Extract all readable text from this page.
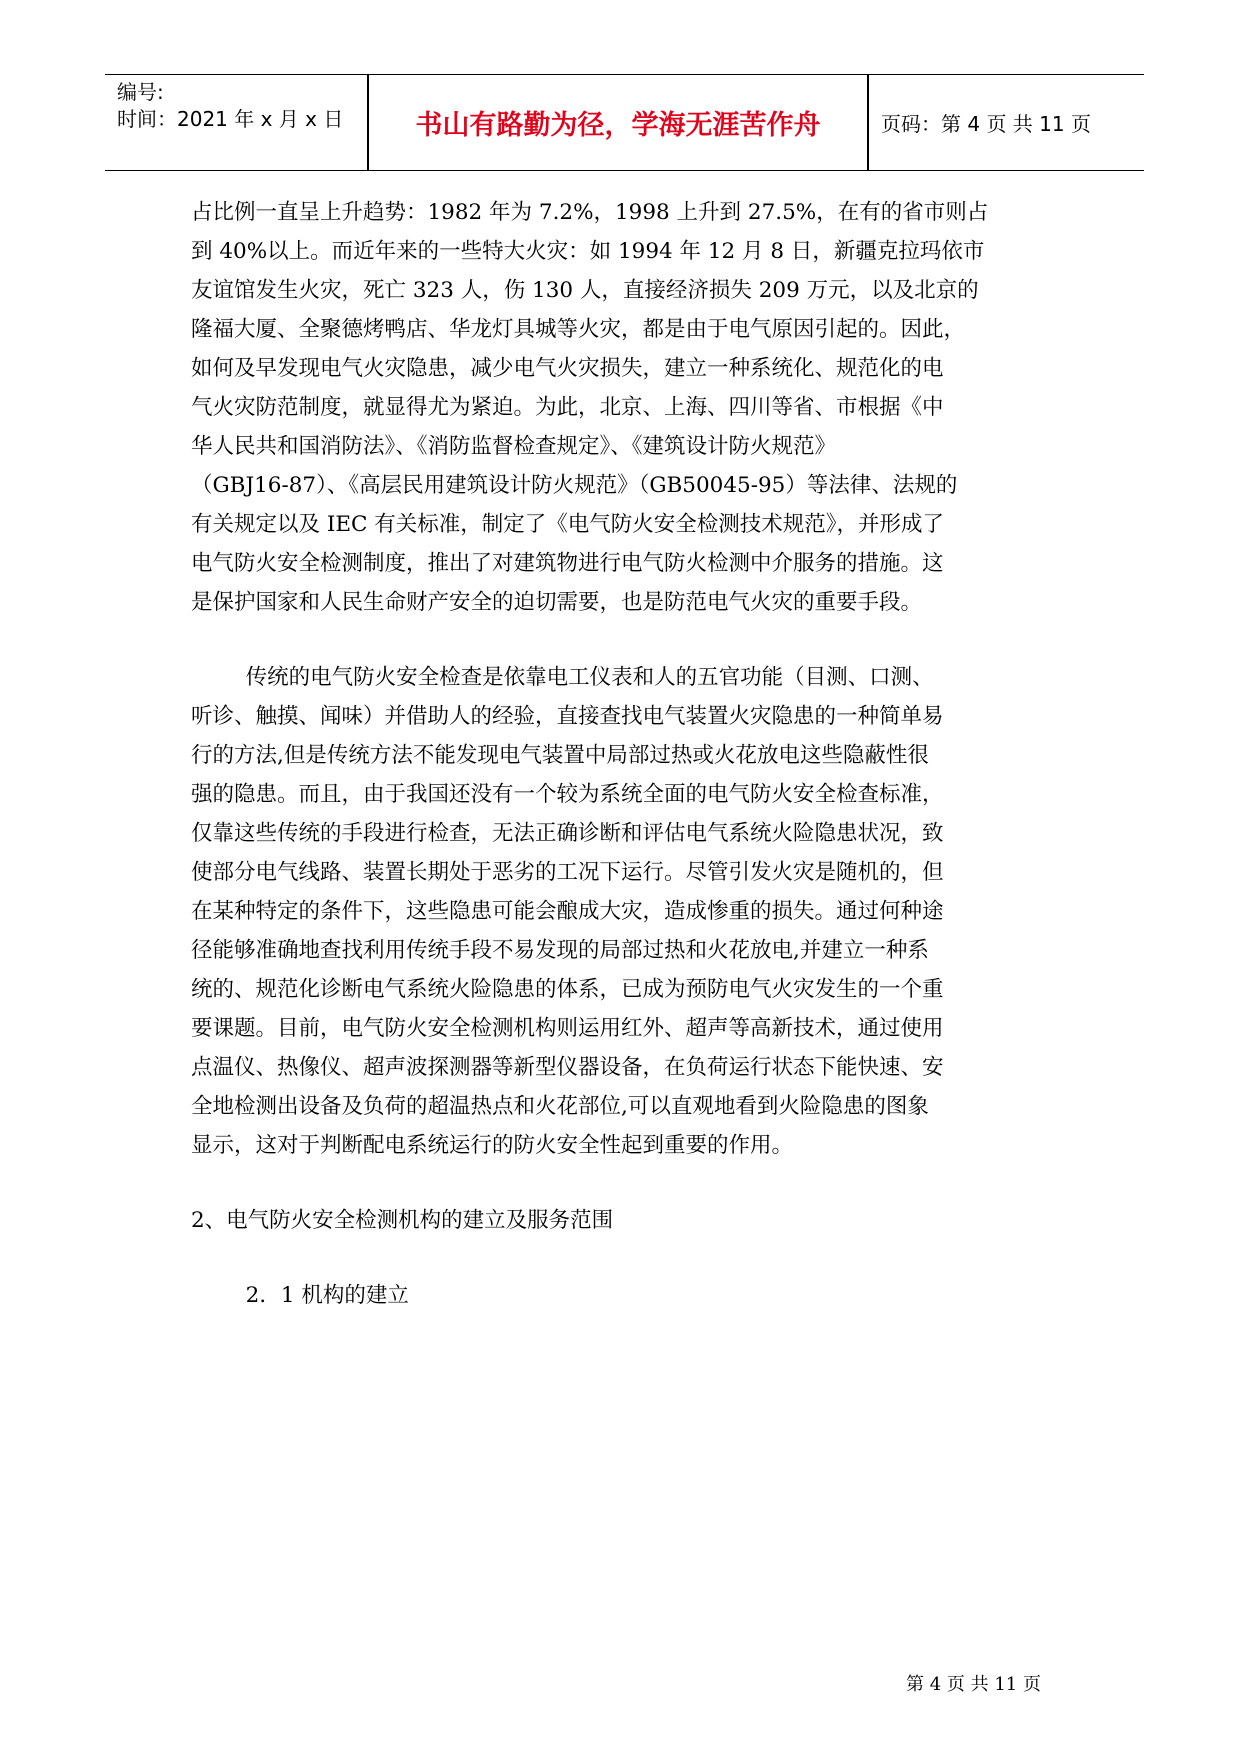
编号:
时间：2021 年 x 月 x 日	书山有路勤为径，学海无涯苦作舟	页码：第 4 页 共 11 页
占比例一直呈上升趋势：1982 年为 7.2%，1998 上升到 27.5%，在有的省市则占
到 40%以上。而近年来的一些特大火灾：如 1994 年 12 月 8 日，新疆克拉玛依市
友谊馆发生火灾，死亡 323 人，伤 130 人，直接经济损失 209 万元，以及北京的
隆福大厦、全聚德烤鸭店、华龙灯具城等火灾，都是由于电气原因引起的。因此，
如何及早发现电气火灾隐患，减少电气火灾损失，建立一种系统化、规范化的电
气火灾防范制度，就显得尤为紧迫。为此，北京、上海、四川等省、市根据《中
华人民共和国消防法》、《消防监督检查规定》、《建筑设计防火规范》
（GBJ16-87）、《高层民用建筑设计防火规范》（GB50045-95）等法律、法规的
有关规定以及 IEC 有关标准，制定了《电气防火安全检测技术规范》，并形成了
电气防火安全检测制度，推出了对建筑物进行电气防火检测中介服务的措施。这
是保护国家和人民生命财产安全的迫切需要，也是防范电气火灾的重要手段。
传统的电气防火安全检查是依靠电工仪表和人的五官功能（目测、口测、
听诊、触摸、闻味）并借助人的经验，直接查找电气装置火灾隐患的一种简单易
行的方法,但是传统方法不能发现电气装置中局部过热或火花放电这些隐蔽性很
强的隐患。而且，由于我国还没有一个较为系统全面的电气防火安全检查标准，
仅靠这些传统的手段进行检查，无法正确诊断和评估电气系统火险隐患状况，致
使部分电气线路、装置长期处于恶劣的工况下运行。尽管引发火灾是随机的，但
在某种特定的条件下，这些隐患可能会酿成大灾，造成惨重的损失。通过何种途
径能够准确地查找利用传统手段不易发现的局部过热和火花放电,并建立一种系
统的、规范化诊断电气系统火险隐患的体系，已成为预防电气火灾发生的一个重
要课题。目前，电气防火安全检测机构则运用红外、超声等高新技术，通过使用
点温仪、热像仪、超声波探测器等新型仪器设备，在负荷运行状态下能快速、安
全地检测出设备及负荷的超温热点和火花部位,可以直观地看到火险隐患的图象
显示，这对于判断配电系统运行的防火安全性起到重要的作用。
2、电气防火安全检测机构的建立及服务范围
2．1 机构的建立
第 4 页 共 11 页
